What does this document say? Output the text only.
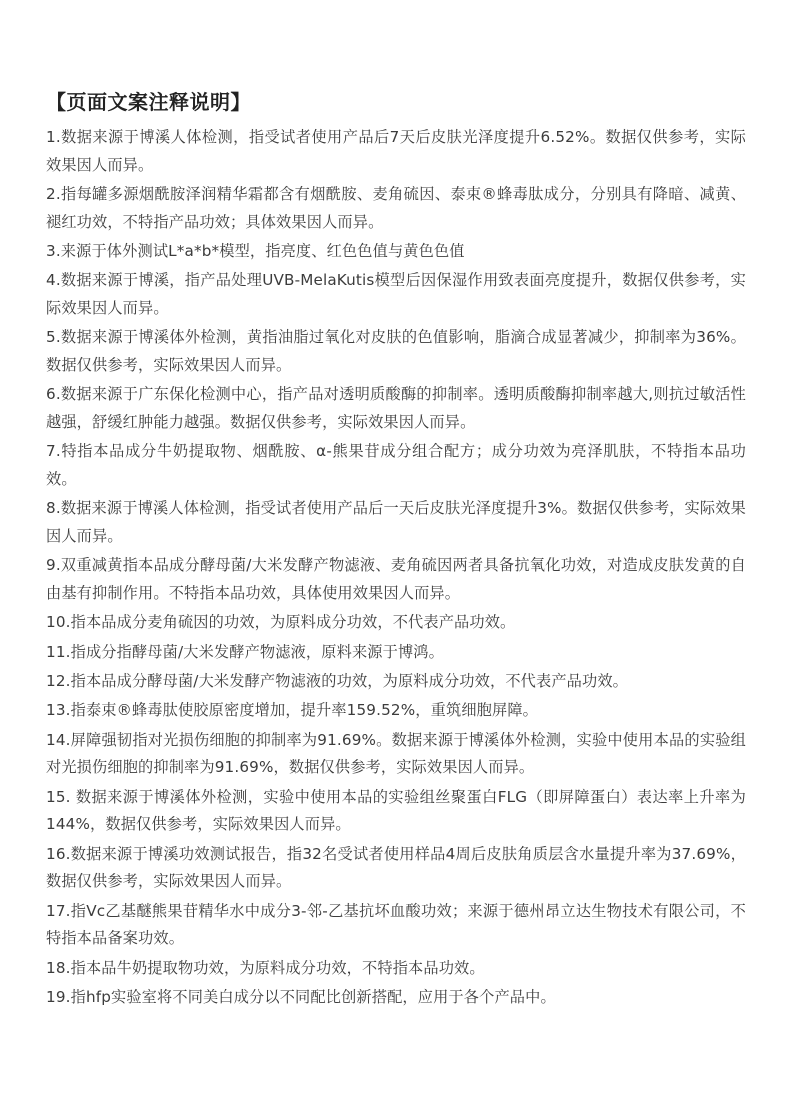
【页面文案注释说明】
1.数据来源于博溪人体检测，指受试者使用产品后7天后皮肤光泽度提升6.52%。数据仅供参考，实际效果因人而异。
2.指每罐多源烟酰胺泽润精华霜都含有烟酰胺、麦角硫因、泰束®蜂毒肽成分，分别具有降暗、减黄、褪红功效，不特指产品功效；具体效果因人而异。
3.来源于体外测试L*a*b*模型，指亮度、红色色值与黄色色值
4.数据来源于博溪，指产品处理UVB-MelaKutis模型后因保湿作用致表面亮度提升，数据仅供参考，实际效果因人而异。
5.数据来源于博溪体外检测，黄指油脂过氧化对皮肤的色值影响，脂滴合成显著减少，抑制率为36%。数据仅供参考，实际效果因人而异。
6.数据来源于广东保化检测中心，指产品对透明质酸酶的抑制率。透明质酸酶抑制率越大,则抗过敏活性越强，舒缓红肿能力越强。数据仅供参考，实际效果因人而异。
7.特指本品成分牛奶提取物、烟酰胺、α-熊果苷成分组合配方；成分功效为亮泽肌肤，不特指本品功效。
8.数据来源于博溪人体检测，指受试者使用产品后一天后皮肤光泽度提升3%。数据仅供参考，实际效果因人而异。
9.双重减黄指本品成分酵母菌/大米发酵产物滤液、麦角硫因两者具备抗氧化功效，对造成皮肤发黄的自由基有抑制作用。不特指本品功效，具体使用效果因人而异。
10.指本品成分麦角硫因的功效，为原料成分功效，不代表产品功效。
11.指成分指酵母菌/大米发酵产物滤液，原料来源于博鸿。
12.指本品成分酵母菌/大米发酵产物滤液的功效，为原料成分功效，不代表产品功效。
13.指泰束®蜂毒肽使胶原密度增加，提升率159.52%，重筑细胞屏障。
14.屏障强韧指对光损伤细胞的抑制率为91.69%。数据来源于博溪体外检测，实验中使用本品的实验组对光损伤细胞的抑制率为91.69%，数据仅供参考，实际效果因人而异。
15. 数据来源于博溪体外检测，实验中使用本品的实验组丝聚蛋白FLG（即屏障蛋白）表达率上升率为144%，数据仅供参考，实际效果因人而异。
16.数据来源于博溪功效测试报告，指32名受试者使用样品4周后皮肤角质层含水量提升率为37.69%，数据仅供参考，实际效果因人而异。
17.指Vc乙基醚熊果苷精华水中成分3-邻-乙基抗坏血酸功效；来源于德州昂立达生物技术有限公司，不特指本品备案功效。
18.指本品牛奶提取物功效，为原料成分功效，不特指本品功效。
19.指hfp实验室将不同美白成分以不同配比创新搭配，应用于各个产品中。
